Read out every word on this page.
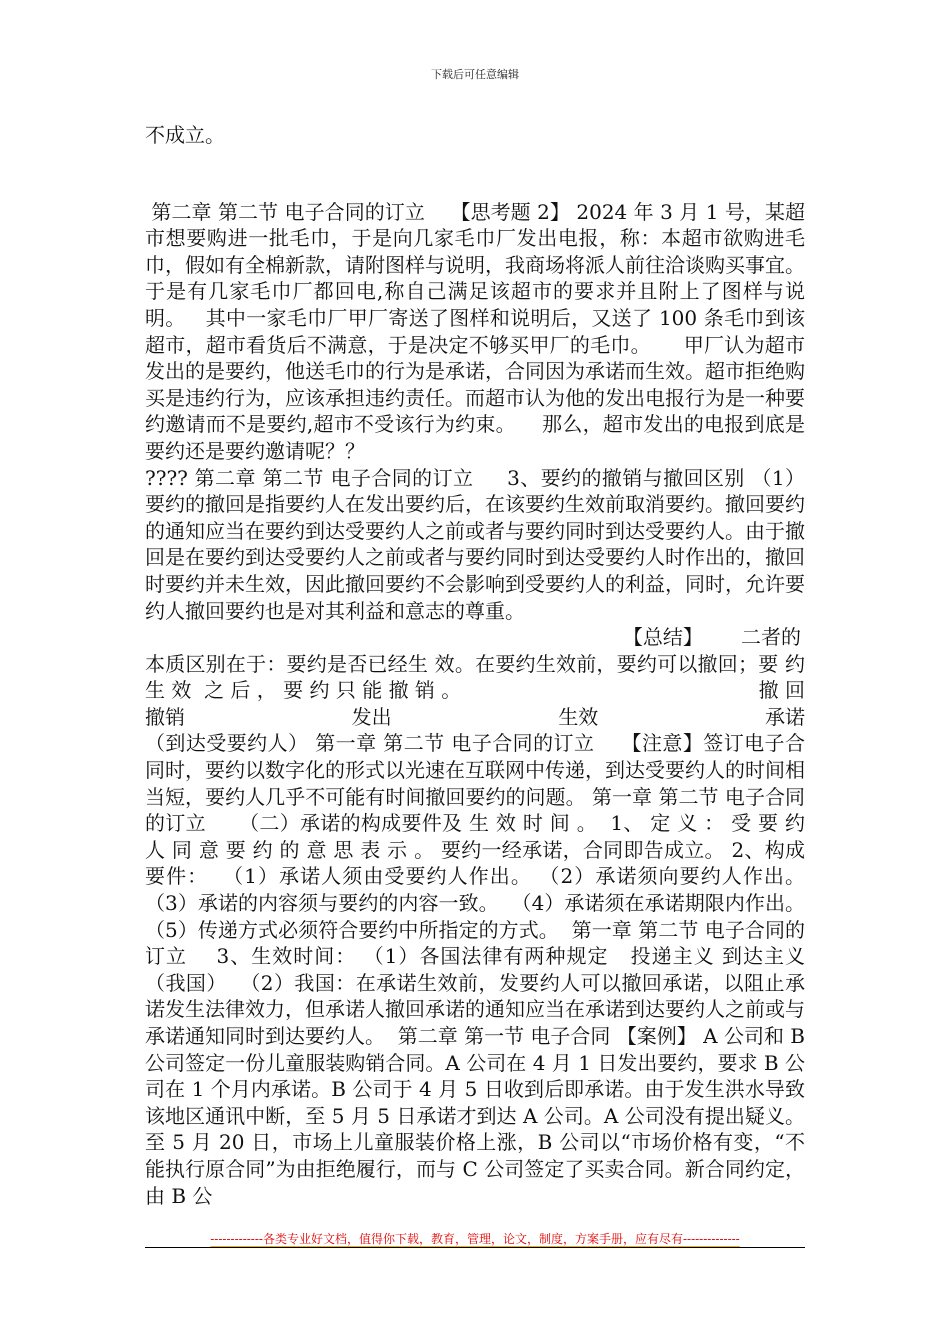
下载后可任意编辑

不成立。

第二章 第二节 电子合同的订立    【思考题 2】 2024 年 3 月 1 号，某超市想要购进一批毛巾，于是向几家毛巾厂发出电报，称：本超市欲购进毛巾，假如有全棉新款，请附图样与说明，我商场将派人前往洽谈购买事宜。于是有几家毛巾厂都回电,称自己满足该超市的要求并且附上了图样与说明。   其中一家毛巾厂甲厂寄送了图样和说明后，又送了 100 条毛巾到该超市，超市看货后不满意，于是决定不够买甲厂的毛巾。     甲厂认为超市发出的是要约，他送毛巾的行为是承诺，合同因为承诺而生效。超市拒绝购买是违约行为，应该承担违约责任。而超市认为他的发出电报行为是一种要约邀请而不是要约,超市不受该行为约束。    那么，超市发出的电报到底是要约还是要约邀请呢？？

???? 第二章 第二节 电子合同的订立     3、要约的撤销与撤回区别 （1）要约的撤回是指要约人在发出要约后，在该要约生效前取消要约。撤回要约的通知应当在要约到达受要约人之前或者与要约同时到达受要约人。由于撤回是在要约到达受要约人之前或者与要约同时到达受要约人时作出的，撤回时要约并未生效，因此撤回要约不会影响到受要约人的利益，同时，允许要约人撤回要约也是对其利益和意志的尊重。

【总结】      二者的

本质区别在于：要约是否已经生 效。在要约生效前，要约可以撤回；要 约 生 效  之 后 ， 要 约 只 能 撤 销 。	撤 回

撤销	发出	生效	承诺

（到达受要约人） 第一章 第二节 电子合同的订立    【注意】签订电子合同时，要约以数字化的形式以光速在互联网中传递，到达受要约人的时间相当短，要约人几乎不可能有时间撤回要约的问题。 第一章 第二节 电子合同的订立     （二）承诺的构成要件及 生 效 时 间 。  1、 定 义 ： 受 要 约 人 同 意 要 约 的 意 思 表 示 。 要约一经承诺，合同即告成立。 2、构成要件：  （1）承诺人须由受要约人作出。 （2）承诺须向要约人作出。  （3）承诺的内容须与要约的内容一致。  （4）承诺须在承诺期限内作出。 （5）传递方式必须符合要约中所指定的方式。  第一章 第二节 电子合同的订立    3、生效时间： （1）各国法律有两种规定   投递主义 到达主义（我国）  （2）我国：在承诺生效前，发要约人可以撤回承诺，以阻止承诺发生法律效力，但承诺人撤回承诺的通知应当在承诺到达要约人之前或与承诺通知同时到达要约人。  第二章 第一节 电子合同 【案例】 A 公司和 B 公司签定一份儿童服装购销合同。A 公司在 4 月 1 日发出要约，要求 B 公司在 1 个月内承诺。B 公司于 4 月 5 日收到后即承诺。由于发生洪水导致该地区通讯中断，至 5 月 5 日承诺才到达 A 公司。A 公司没有提出疑义。至 5 月 20 日，市场上儿童服装价格上涨，B 公司以“市场价格有变，“不能执行原合同”为由拒绝履行，而与 C 公司签定了买卖合同。新合同约定，由 B 公

-------------各类专业好文档，值得你下载，教育，管理，论文，制度，方案手册，应有尽有--------------
